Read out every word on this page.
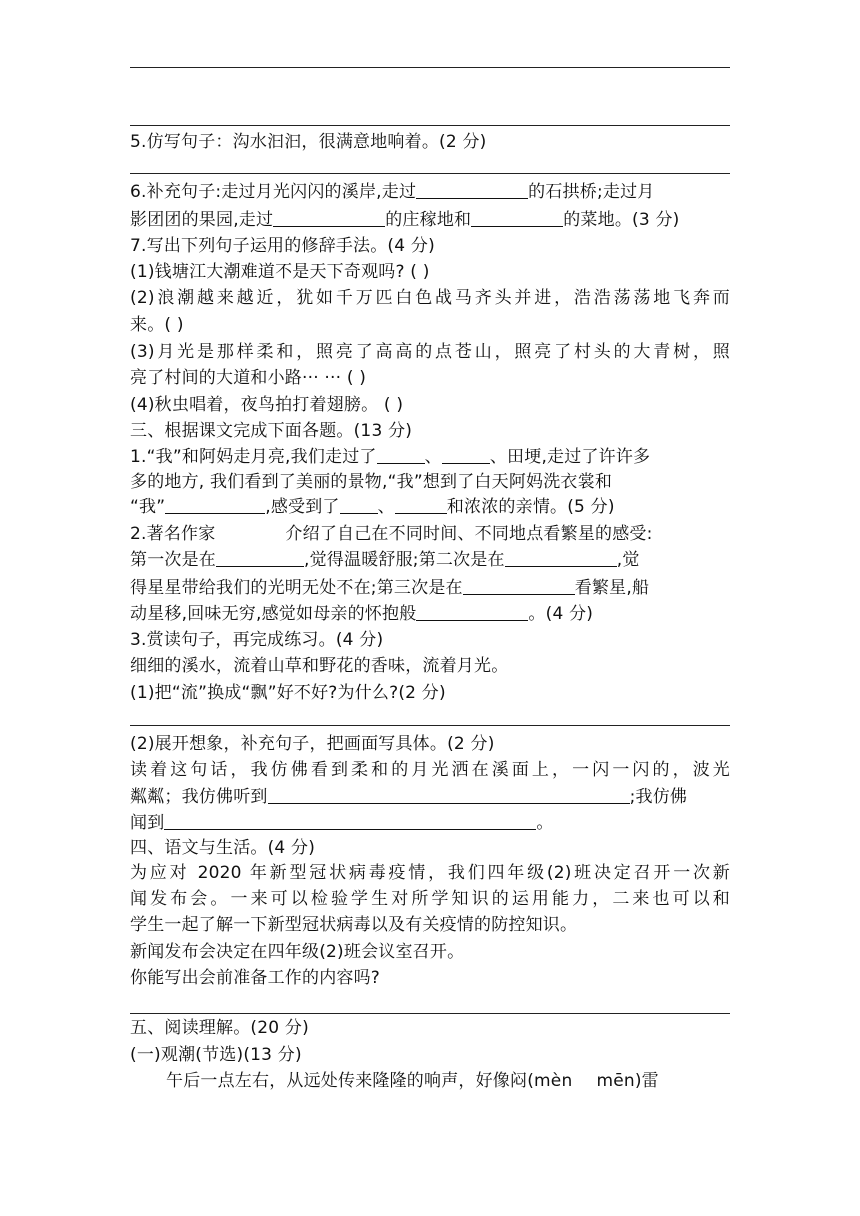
5.仿写句子：沟水汩汩，很满意地响着。(2 分)
6.补充句子:走过月光闪闪的溪岸,走过	的石拱桥;走过月
影团团的果园,走过	的庄稼地和	的菜地。(3 分)
7.写出下列句子运用的修辞手法。(4 分)
(1)钱塘江大潮难道不是天下奇观吗? ( )
(2)浪潮越来越近，犹如千万匹白色战马齐头并进，浩浩荡荡地飞奔而
来。( )
(3)月光是那样柔和，照亮了高高的点苍山，照亮了村头的大青树，照
亮了村间的大道和小路··· ··· ( )
(4)秋虫唱着，夜鸟拍打着翅膀。 ( )
三、根据课文完成下面各题。(13 分)
1.“我”和阿妈走月亮,我们走过了	、	、田埂,走过了许许多
多的地方, 我们看到了美丽的景物,“我”想到了白天阿妈洗衣裳和
“我”	,感受到了 、	和浓浓的亲情。(5 分)
2.著名作家	介绍了自己在不同时间、不同地点看繁星的感受:
第一次是在	,觉得温暖舒服;第二次是在	,觉
得星星带给我们的光明无处不在;第三次是在	看繁星,船
动星移,回味无穷,感觉如母亲的怀抱般	。(4 分)
3.赏读句子，再完成练习。(4 分)
细细的溪水，流着山草和野花的香味，流着月光。
(1)把“流”换成“飘”好不好?为什么?(2 分)
(2)展开想象，补充句子，把画面写具体。(2 分)
读着这句话，我仿佛看到柔和的月光洒在溪面上，一闪一闪的，波光
粼粼；我仿佛听到	;我仿佛
闻到	。
四、语文与生活。(4 分)
为应对 2020 年新型冠状病毒疫情，我们四年级(2)班决定召开一次新
闻发布会。一来可以检验学生对所学知识的运用能力，二来也可以和
学生一起了解一下新型冠状病毒以及有关疫情的防控知识。
新闻发布会决定在四年级(2)班会议室召开。
你能写出会前准备工作的内容吗?
五、阅读理解。(20 分)
(一)观潮(节选)(13 分)
午后一点左右，从远处传来隆隆的响声，好像闷(mèn mēn)雷
